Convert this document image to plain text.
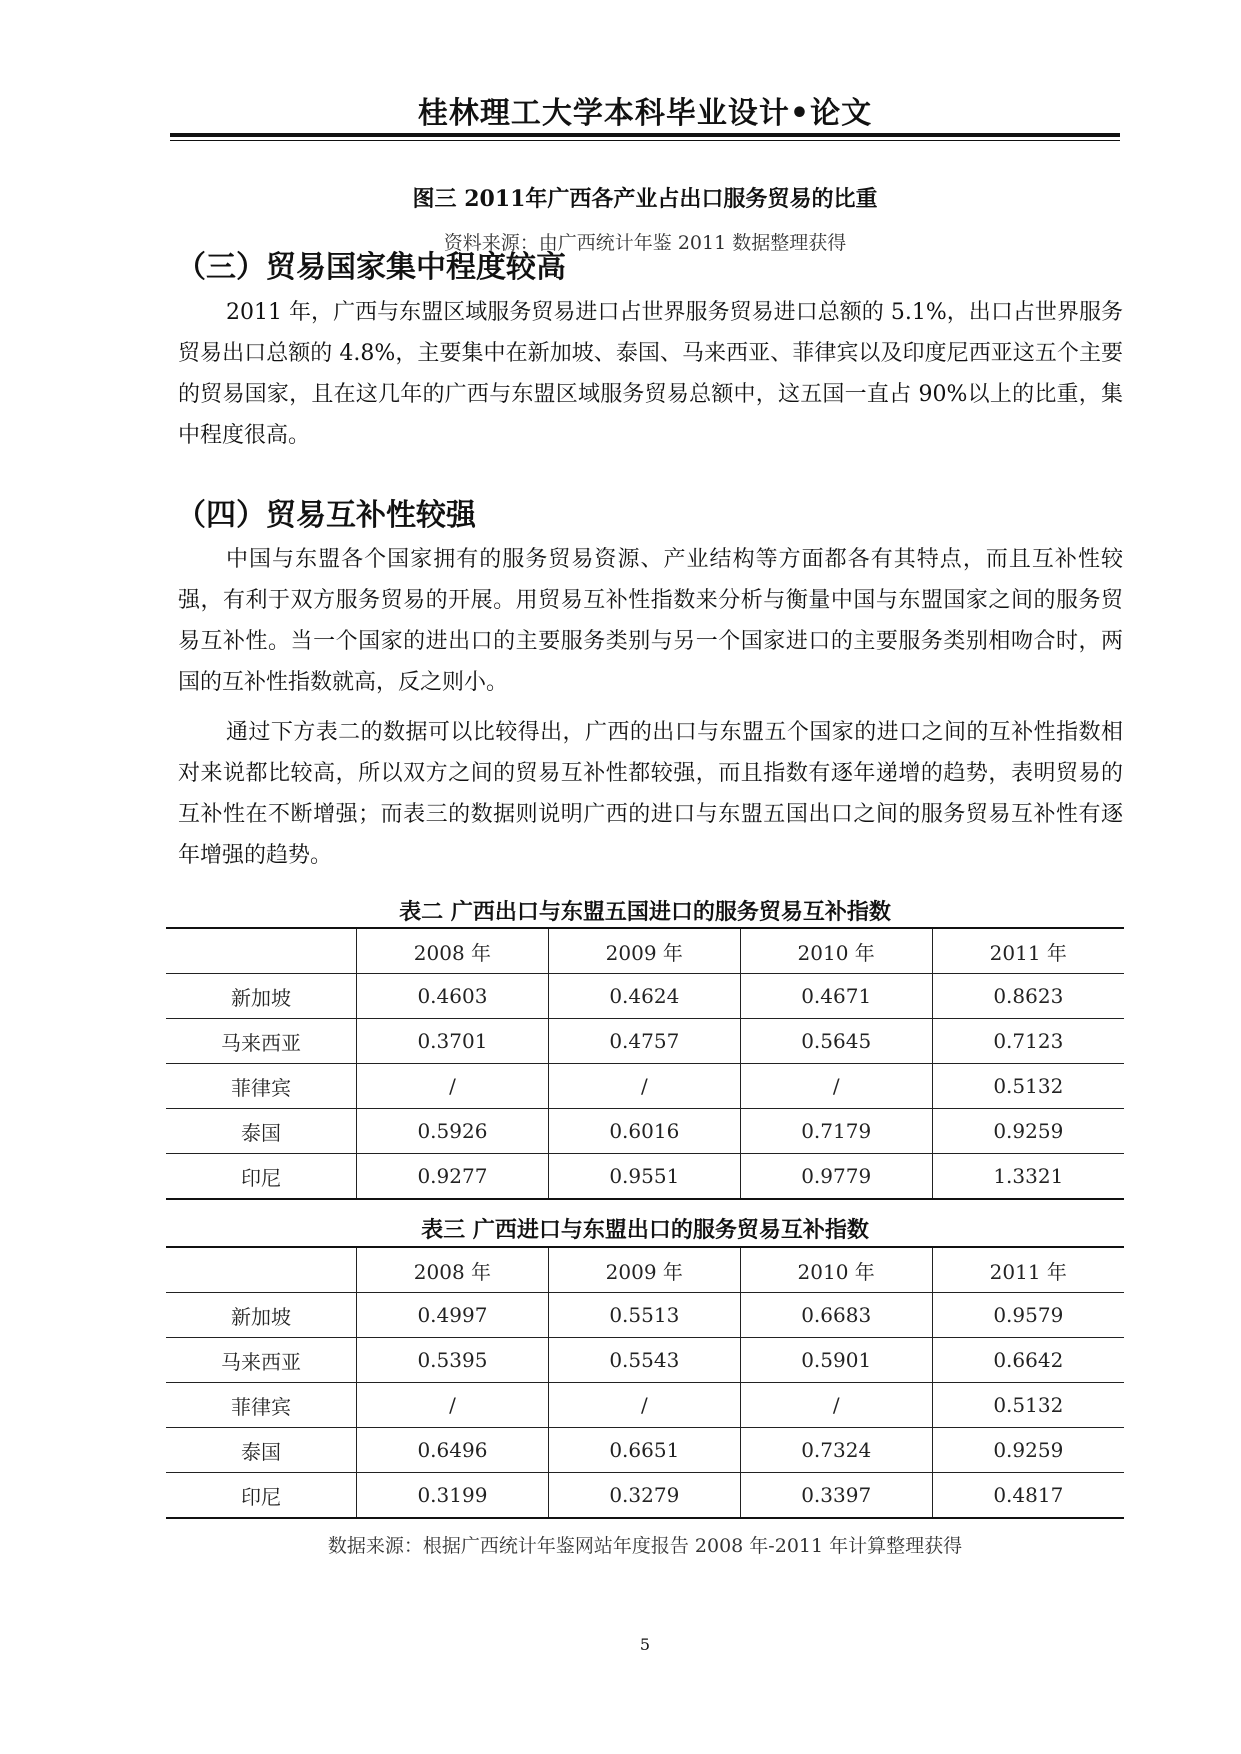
桂林理工大学本科毕业设计•论文
图三 2011年广西各产业占出口服务贸易的比重
资料来源：由广西统计年鉴 2011 数据整理获得
（三）贸易国家集中程度较高

2011 年，广西与东盟区域服务贸易进口占世界服务贸易进口总额的 5.1%，出口占世界服务贸易出口总额的 4.8%，主要集中在新加坡、泰国、马来西亚、菲律宾以及印度尼西亚这五个主要的贸易国家，且在这几年的广西与东盟区域服务贸易总额中，这五国一直占 90%以上的比重，集中程度很高。

（四）贸易互补性较强

中国与东盟各个国家拥有的服务贸易资源、产业结构等方面都各有其特点，而且互补性较强，有利于双方服务贸易的开展。用贸易互补性指数来分析与衡量中国与东盟国家之间的服务贸易互补性。当一个国家的进出口的主要服务类别与另一个国家进口的主要服务类别相吻合时，两国的互补性指数就高，反之则小。

通过下方表二的数据可以比较得出，广西的出口与东盟五个国家的进口之间的互补性指数相对来说都比较高，所以双方之间的贸易互补性都较强，而且指数有逐年递增的趋势，表明贸易的互补性在不断增强；而表三的数据则说明广西的进口与东盟五国出口之间的服务贸易互补性有逐年增强的趋势。

表二 广西出口与东盟五国进口的服务贸易互补指数
	2008 年	2009 年	2010 年	2011 年
新加坡	0.4603	0.4624	0.4671	0.8623
马来西亚	0.3701	0.4757	0.5645	0.7123
菲律宾	/	/	/	0.5132
泰国	0.5926	0.6016	0.7179	0.9259
印尼	0.9277	0.9551	0.9779	1.3321
表三 广西进口与东盟出口的服务贸易互补指数
	2008 年	2009 年	2010 年	2011 年
新加坡	0.4997	0.5513	0.6683	0.9579
马来西亚	0.5395	0.5543	0.5901	0.6642
菲律宾	/	/	/	0.5132
泰国	0.6496	0.6651	0.7324	0.9259
印尼	0.3199	0.3279	0.3397	0.4817
数据来源：根据广西统计年鉴网站年度报告 2008 年-2011 年计算整理获得
5
